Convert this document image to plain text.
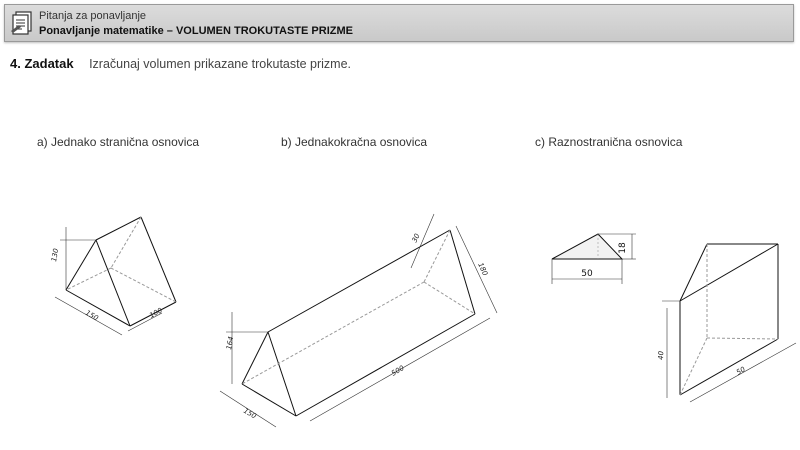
Pitanja za ponavljanje
Ponavljanje matematike – VOLUMEN TROKUTASTE PRIZME
4. Zadatak Izračunaj volumen prikazane trokutaste prizme.
a) Jednako stranična osnovica	b) Jednakokračna osnovica	c) Raznostranična osnovica
130
150	100
164
150
500
30
180
18
50
40
50
